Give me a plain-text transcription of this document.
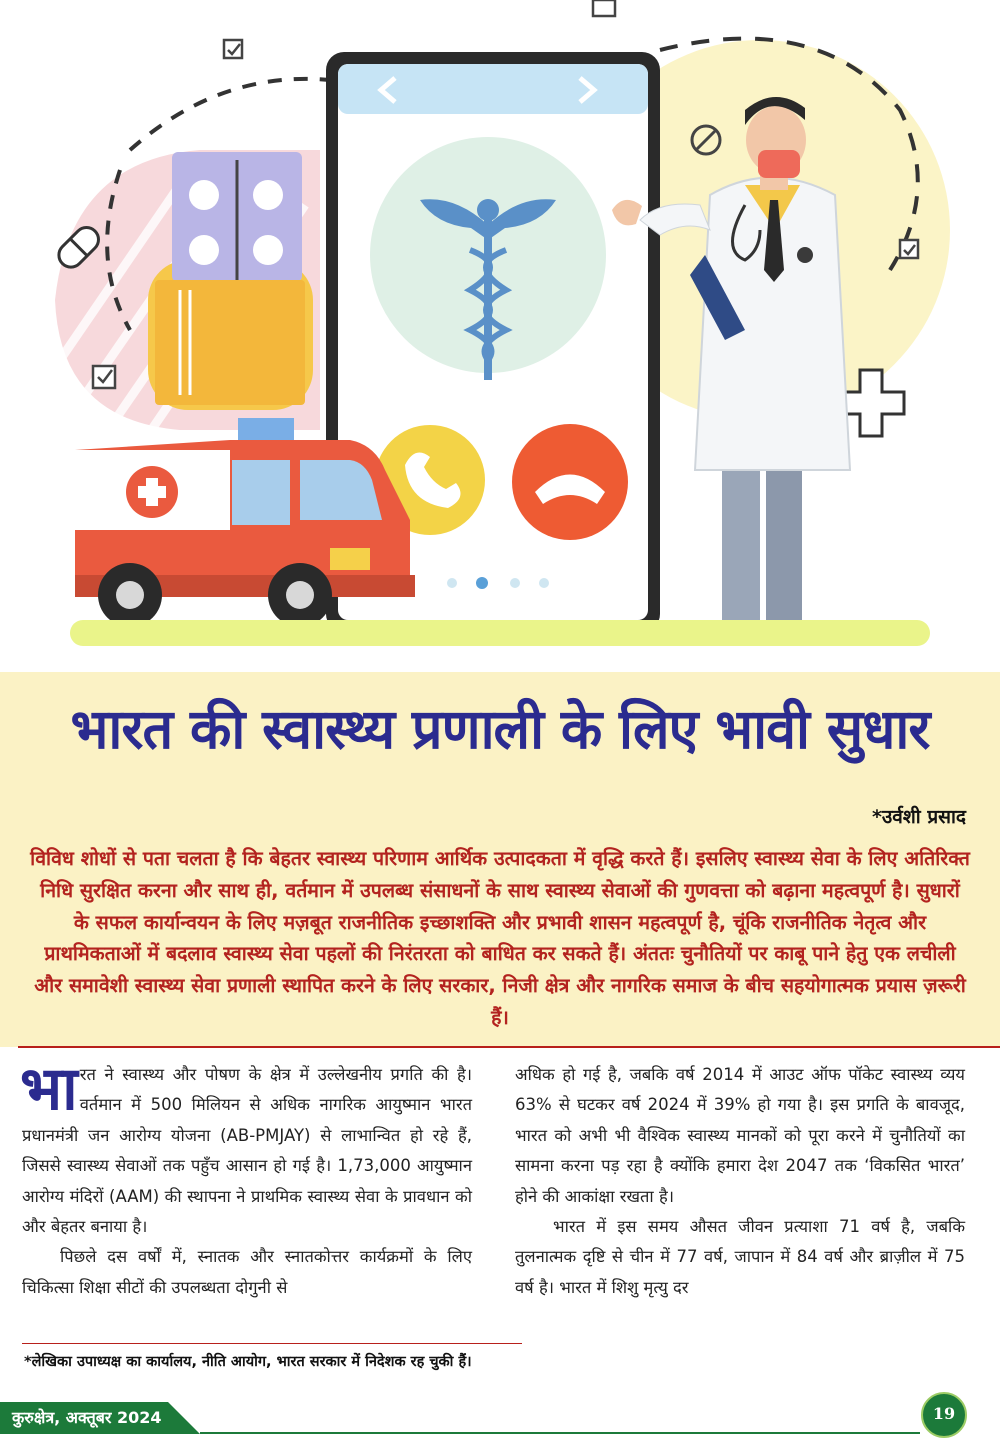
भारत की स्वास्थ्य प्रणाली के लिए भावी सुधार
*उर्वशी प्रसाद
विविध शोधों से पता चलता है कि बेहतर स्वास्थ्य परिणाम आर्थिक उत्पादकता में वृद्धि करते हैं। इसलिए स्वास्थ्य सेवा के लिए अतिरिक्त निधि सुरक्षित करना और साथ ही, वर्तमान में उपलब्ध संसाधनों के साथ स्वास्थ्य सेवाओं की गुणवत्ता को बढ़ाना महत्वपूर्ण है। सुधारों के सफल कार्यान्वयन के लिए मज़बूत राजनीतिक इच्छाशक्ति और प्रभावी शासन महत्वपूर्ण है, चूंकि राजनीतिक नेतृत्व और प्राथमिकताओं में बदलाव स्वास्थ्य सेवा पहलों की निरंतरता को बाधित कर सकते हैं। अंततः चुनौतियों पर काबू पाने हेतु एक लचीली और समावेशी स्वास्थ्य सेवा प्रणाली स्थापित करने के लिए सरकार, निजी क्षेत्र और नागरिक समाज के बीच सहयोगात्मक प्रयास ज़रूरी हैं।

भा रत ने स्वास्थ्य और पोषण के क्षेत्र में उल्लेखनीय प्रगति की है। वर्तमान में 500 मिलियन से अधिक नागरिक आयुष्मान भारत प्रधानमंत्री जन आरोग्य योजना (AB-PMJAY) से लाभान्वित हो रहे हैं, जिससे स्वास्थ्य सेवाओं तक पहुँच आसान हो गई है। 1,73,000 आयुष्मान आरोग्य मंदिरों (AAM) की स्थापना ने प्राथमिक स्वास्थ्य सेवा के प्रावधान को और बेहतर बनाया है।

पिछले दस वर्षों में, स्नातक और स्नातकोत्तर कार्यक्रमों के लिए चिकित्सा शिक्षा सीटों की उपलब्धता दोगुनी से

अधिक हो गई है, जबकि वर्ष 2014 में आउट ऑफ पॉकेट स्वास्थ्य व्यय 63% से घटकर वर्ष 2024 में 39% हो गया है। इस प्रगति के बावजूद, भारत को अभी भी वैश्विक स्वास्थ्य मानकों को पूरा करने में चुनौतियों का सामना करना पड़ रहा है क्योंकि हमारा देश 2047 तक ‘विकसित भारत’ होने की आकांक्षा रखता है।

भारत में इस समय औसत जीवन प्रत्याशा 71 वर्ष है, जबकि तुलनात्मक दृष्टि से चीन में 77 वर्ष, जापान में 84 वर्ष और ब्राज़ील में 75 वर्ष है। भारत में शिशु मृत्यु दर

*लेखिका उपाध्यक्ष का कार्यालय, नीति आयोग, भारत सरकार में निदेशक रह चुकी हैं।
कुरुक्षेत्र, अक्तूबर 2024	19
